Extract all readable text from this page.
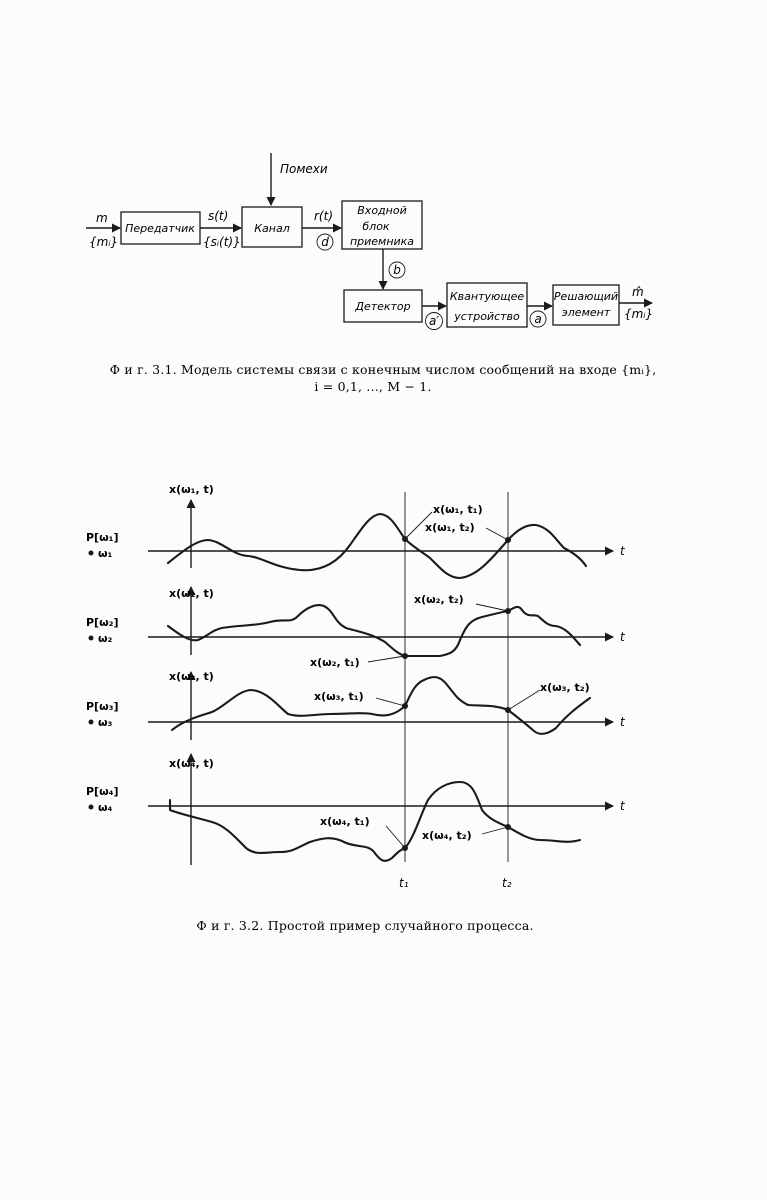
Помехи
m
{mᵢ}
Передатчик
s(t)
{sᵢ(t)}
Канал
r(t)
d
Входной
блок
приемника
b
Детектор
a′
Квантующее
устройство a
Решающий
элемент
m̂
{mᵢ}
Ф и г. 3.1. Модель системы связи с конечным числом сообщений на входе {mᵢ},
i = 0,1, ..., M − 1.
t₁	t₂
t
x(ω₁, t)
P[ω₁]
ω₁
x(ω₁, t₁)
x(ω₁, t₂)
t
x(ω₂, t)
P[ω₂]
ω₂
x(ω₂, t₁)
x(ω₂, t₂)
t
x(ω₃, t)
P[ω₃]
ω₃
x(ω₃, t₁)
x(ω₃, t₂)
t
x(ω₄, t)
P[ω₄]
ω₄
x(ω₄, t₁)
x(ω₄, t₂)
Ф и г. 3.2. Простой пример случайного процесса.
